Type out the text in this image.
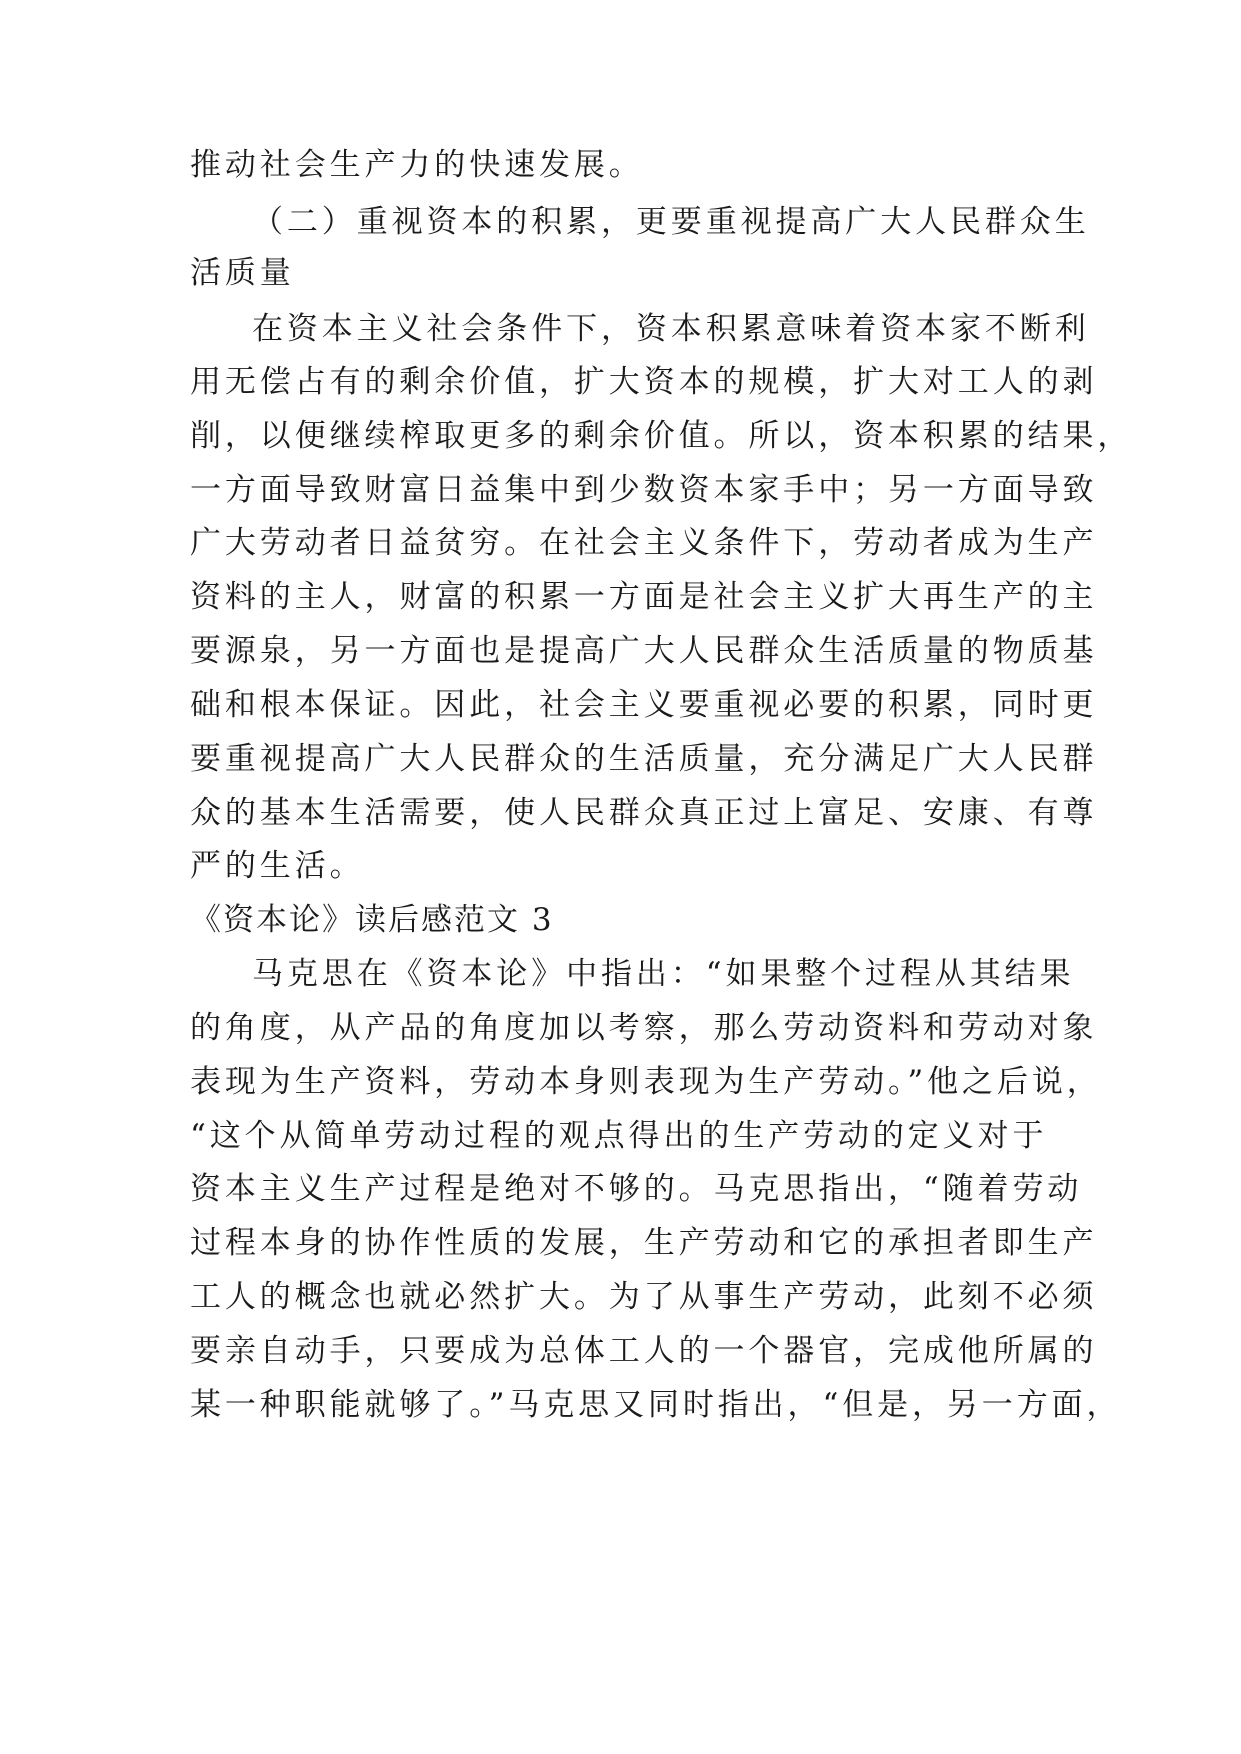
推动社会生产力的快速发展。
（二）重视资本的积累，更要重视提高广大人民群众生
活质量
在资本主义社会条件下，资本积累意味着资本家不断利
用无偿占有的剩余价值，扩大资本的规模，扩大对工人的剥
削，以便继续榨取更多的剩余价值。所以，资本积累的结果，
一方面导致财富日益集中到少数资本家手中；另一方面导致
广大劳动者日益贫穷。在社会主义条件下，劳动者成为生产
资料的主人，财富的积累一方面是社会主义扩大再生产的主
要源泉，另一方面也是提高广大人民群众生活质量的物质基
础和根本保证。因此，社会主义要重视必要的积累，同时更
要重视提高广大人民群众的生活质量，充分满足广大人民群
众的基本生活需要，使人民群众真正过上富足、安康、有尊
严的生活。
《资本论》读后感范文 3
马克思在《资本论》中指出：“如果整个过程从其结果
的角度，从产品的角度加以考察，那么劳动资料和劳动对象
表现为生产资料，劳动本身则表现为生产劳动。”他之后说，
“这个从简单劳动过程的观点得出的生产劳动的定义对于
资本主义生产过程是绝对不够的。马克思指出，“随着劳动
过程本身的协作性质的发展，生产劳动和它的承担者即生产
工人的概念也就必然扩大。为了从事生产劳动，此刻不必须
要亲自动手，只要成为总体工人的一个器官，完成他所属的
某一种职能就够了。”马克思又同时指出，“但是，另一方面，
